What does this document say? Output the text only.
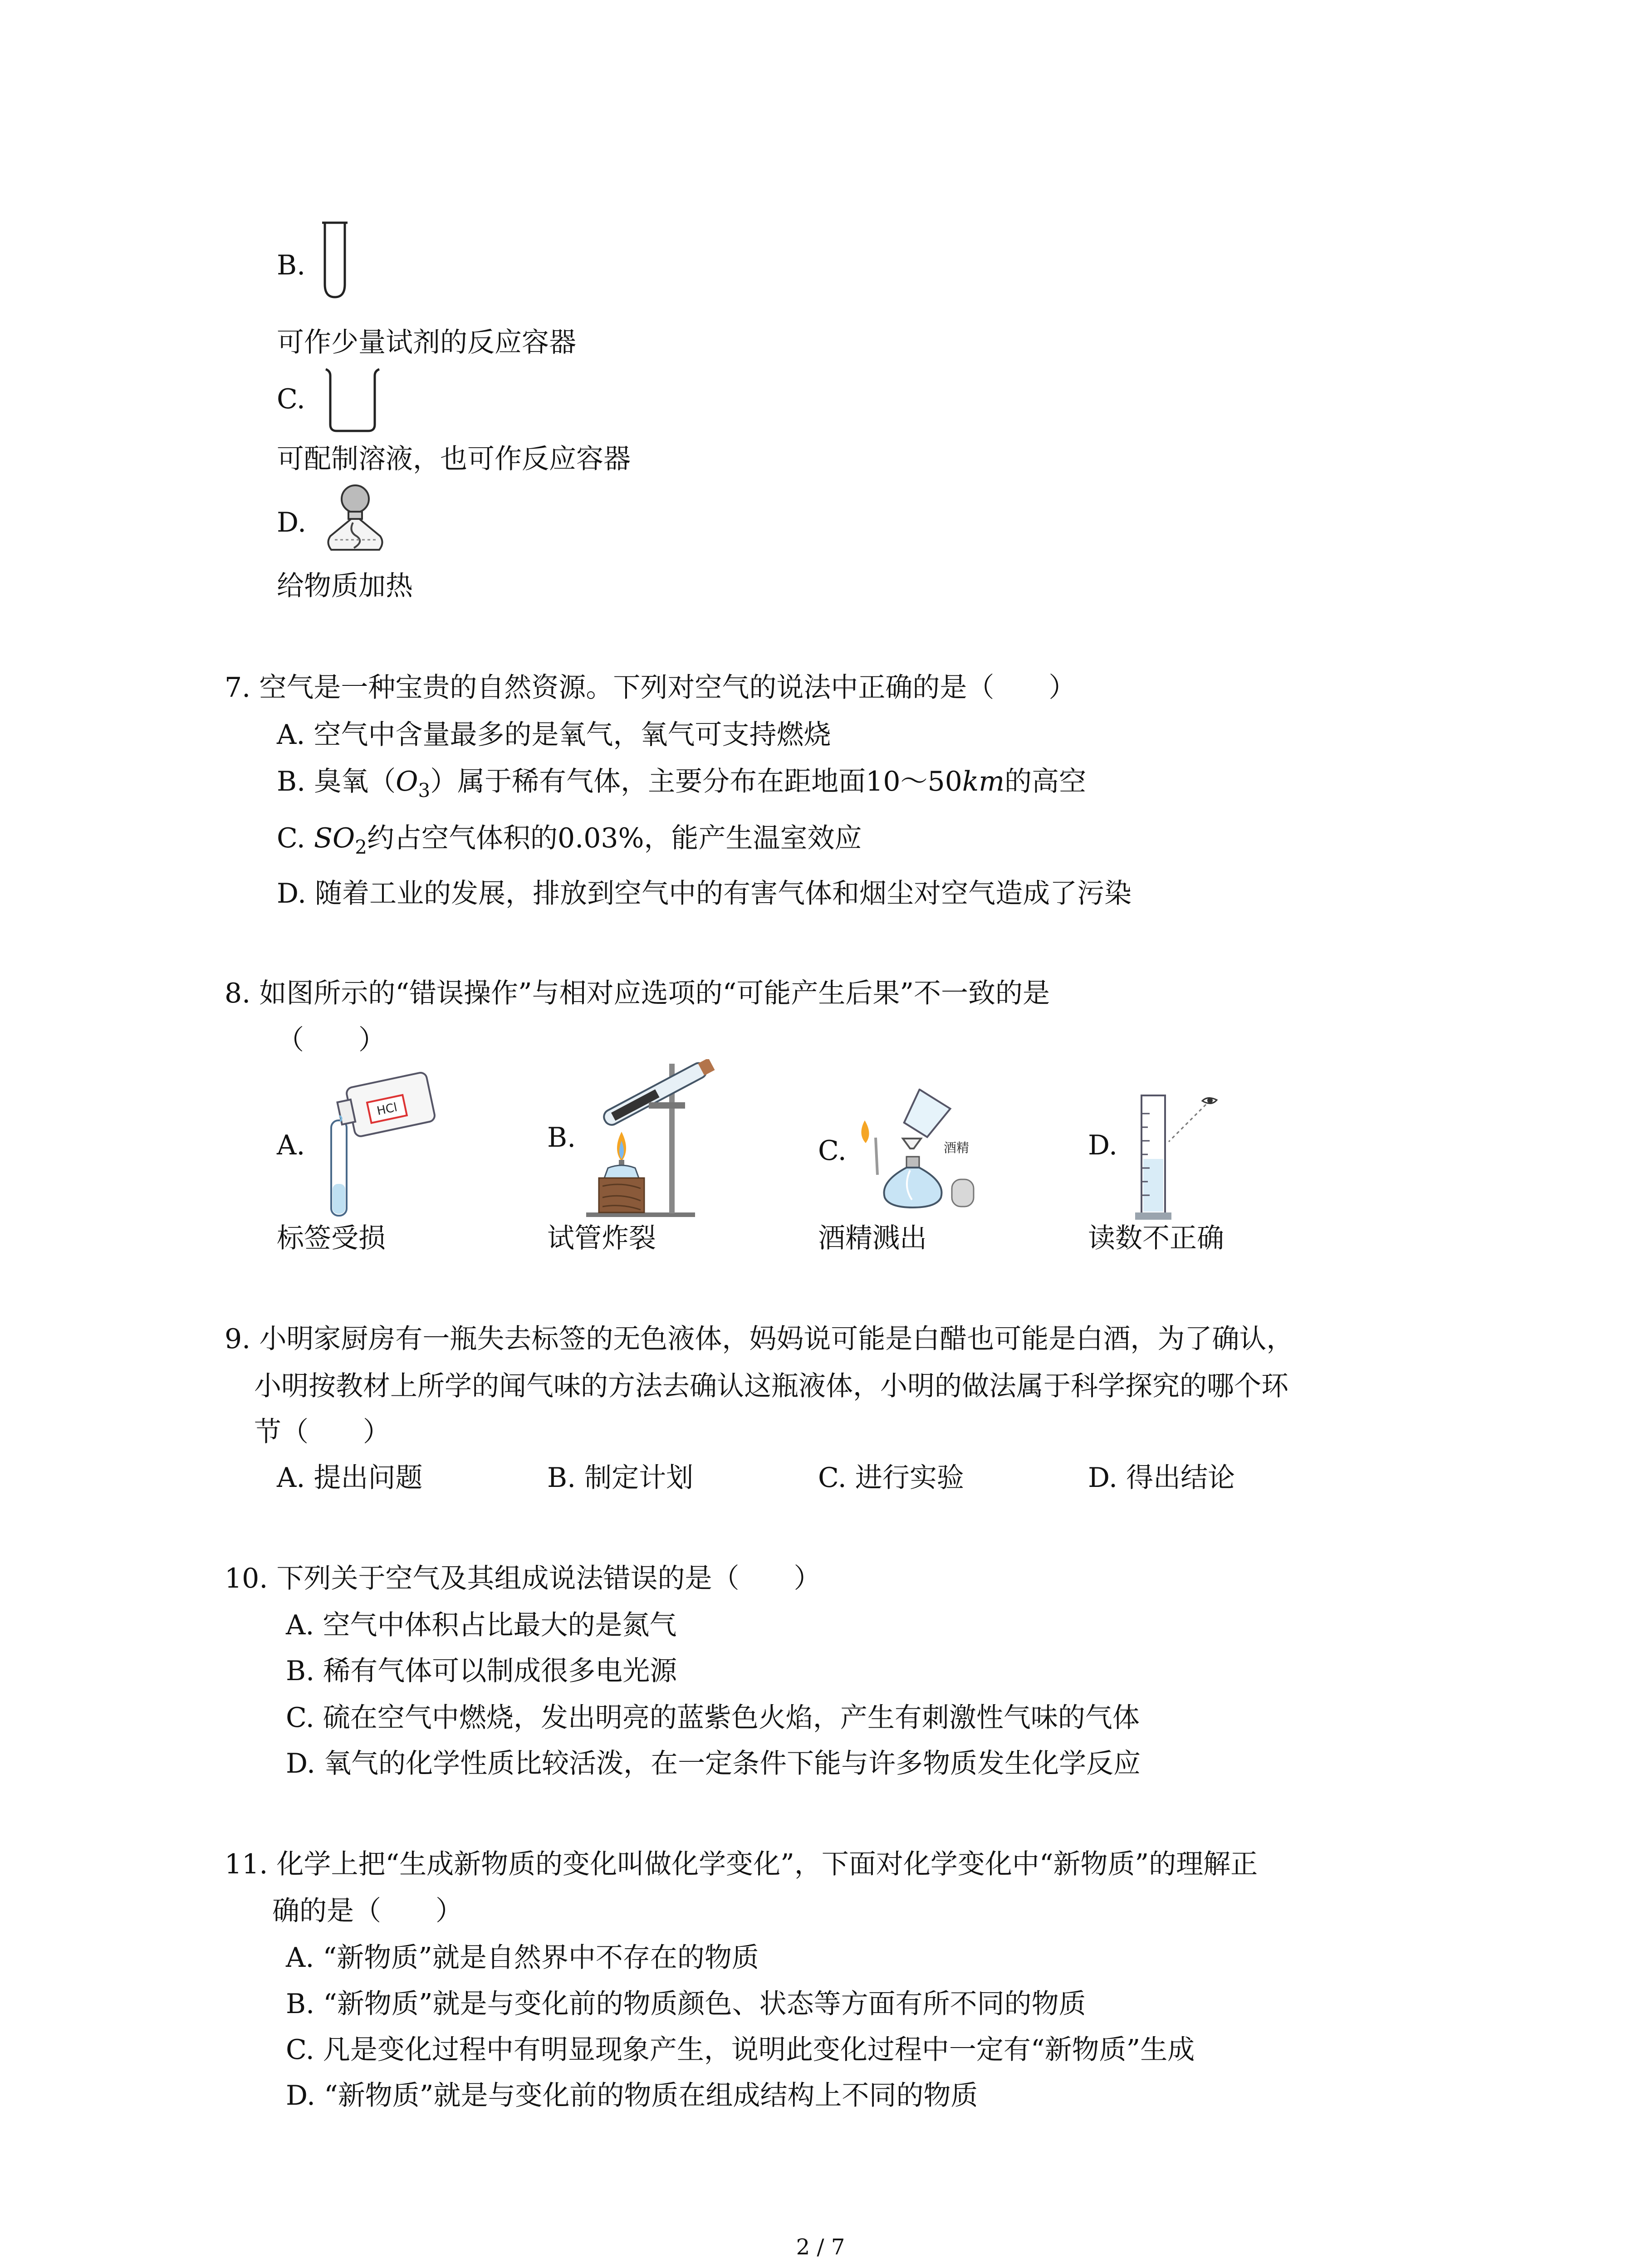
B.
可作少量试剂的反应容器
C.
可配制溶液，也可作反应容器
D.
给物质加热
7. 空气是一种宝贵的自然资源。下列对空气的说法中正确的是（　　）
A. 空气中含量最多的是氧气，氧气可支持燃烧
B. 臭氧$(O_3)$属于稀有气体，主要分布在距地面10～50km的高空
C. $SO_2$约占空气体积的0.03%，能产生温室效应
D. 随着工业的发展，排放到空气中的有害气体和烟尘对空气造成了污染
8. 如图所示的“错误操作”与相对应选项的“可能产生后果”不一致的是
（　　）
A.
HCl
标签受损
B.
试管炸裂
C.	酒精
酒精溅出
D.
读数不正确
9. 小明家厨房有一瓶失去标签的无色液体，妈妈说可能是白醋也可能是白酒，为了确认，
小明按教材上所学的闻气味的方法去确认这瓶液体，小明的做法属于科学探究的哪个环
节（　　）
A. 提出问题	B. 制定计划	C. 进行实验	D. 得出结论
10. 下列关于空气及其组成说法错误的是（　　）
A. 空气中体积占比最大的是氮气
B. 稀有气体可以制成很多电光源
C. 硫在空气中燃烧，发出明亮的蓝紫色火焰，产生有刺激性气味的气体
D. 氧气的化学性质比较活泼，在一定条件下能与许多物质发生化学反应
11. 化学上把“生成新物质的变化叫做化学变化”，下面对化学变化中“新物质”的理解正
确的是（　　）
A. “新物质”就是自然界中不存在的物质
B. “新物质”就是与变化前的物质颜色、状态等方面有所不同的物质
C. 凡是变化过程中有明显现象产生，说明此变化过程中一定有“新物质”生成
D. “新物质”就是与变化前的物质在组成结构上不同的物质
2 / 7
